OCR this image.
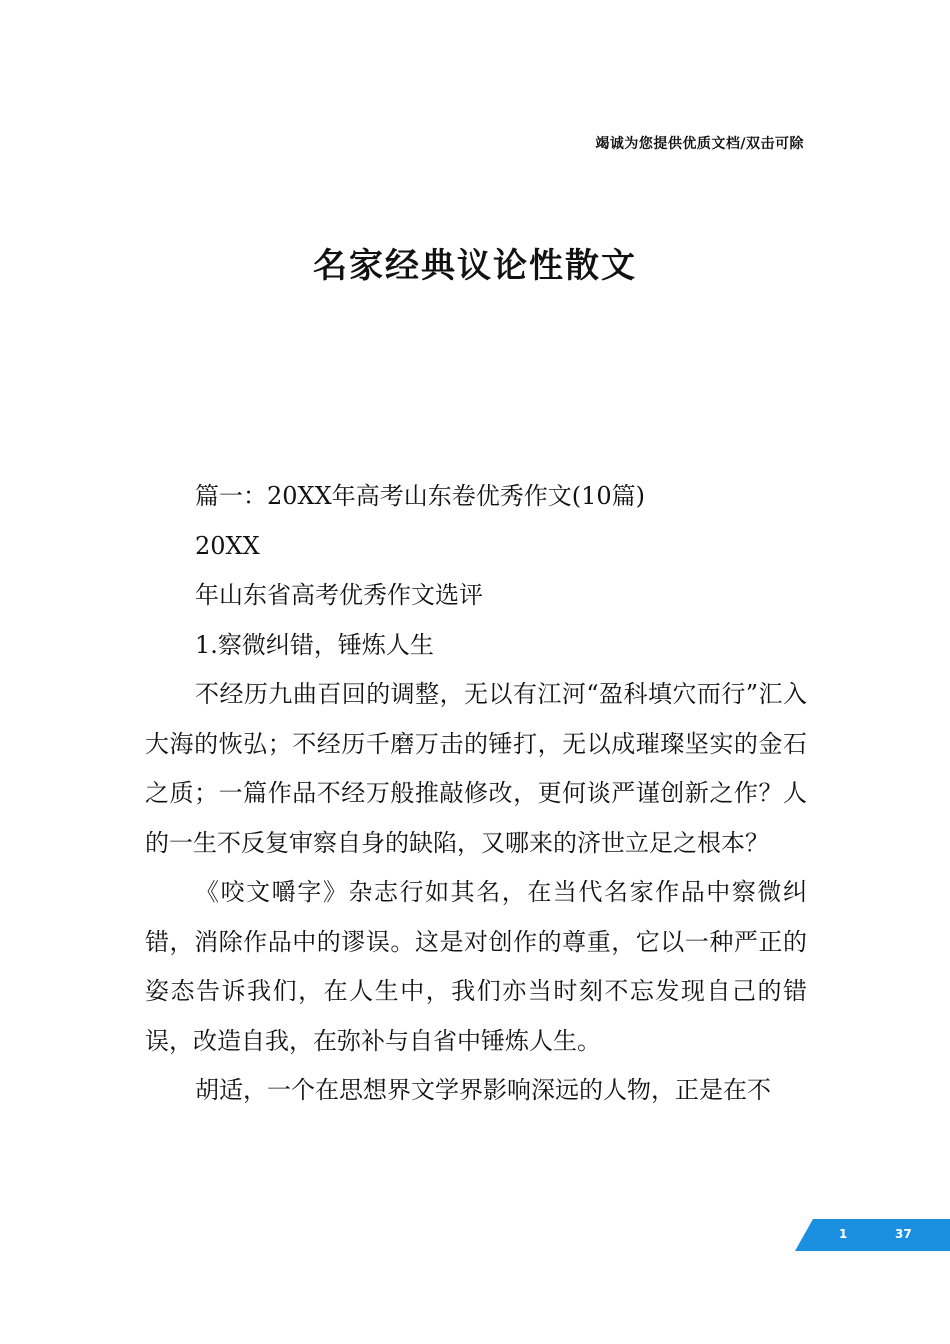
竭诚为您提供优质文档/双击可除
名家经典议论性散文

篇一：20XX年高考山东卷优秀作文(10篇)

20XX

年山东省高考优秀作文选评

1.察微纠错，锤炼人生

不经历九曲百回的调整，无以有江河“盈科填穴而行”汇入大海的恢弘；不经历千磨万击的锤打，无以成璀璨坚实的金石之质；一篇作品不经万般推敲修改，更何谈严谨创新之作？人的一生不反复审察自身的缺陷，又哪来的济世立足之根本？

《咬文嚼字》杂志行如其名，在当代名家作品中察微纠错，消除作品中的谬误。这是对创作的尊重，它以一种严正的姿态告诉我们，在人生中，我们亦当时刻不忘发现自己的错误，改造自我，在弥补与自省中锤炼人生。

胡适，一个在思想界文学界影响深远的人物，正是在不

1	37
